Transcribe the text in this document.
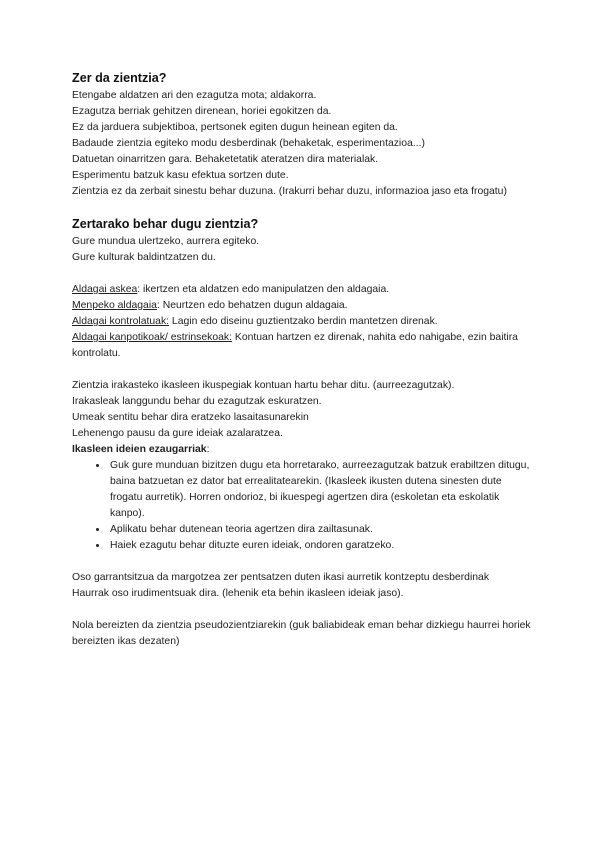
Zer da zientzia?

Etengabe aldatzen ari den ezagutza mota; aldakorra.

Ezagutza berriak gehitzen direnean, horiei egokitzen da.

Ez da jarduera subjektiboa, pertsonek egiten dugun heinean egiten da.

Badaude zientzia egiteko modu desberdinak (behaketak, esperimentazioa...)

Datuetan oinarritzen gara. Behaketetatik ateratzen dira materialak.

Esperimentu batzuk kasu efektua sortzen dute.

Zientzia ez da zerbait sinestu behar duzuna. (Irakurri behar duzu, informazioa jaso eta frogatu)

Zertarako behar dugu zientzia?

Gure mundua ulertzeko, aurrera egiteko.

Gure kulturak baldintzatzen du.

Aldagai askea: ikertzen eta aldatzen edo manipulatzen den aldagaia.

Menpeko aldagaia: Neurtzen edo behatzen dugun aldagaia.

Aldagai kontrolatuak: Lagin edo diseinu guztientzako berdin mantetzen direnak.

Aldagai kanpotikoak/ estrinsekoak: Kontuan hartzen ez direnak, nahita edo nahigabe, ezin baitira kontrolatu.

Zientzia irakasteko ikasleen ikuspegiak kontuan hartu behar ditu. (aurreezagutzak).

Irakasleak langgundu behar du ezagutzak eskuratzen.

Umeak sentitu behar dira eratzeko lasaitasunarekin

Lehenengo pausu da gure ideiak azalaratzea.

Ikasleen ideien ezaugarriak:

• Guk gure munduan bizitzen dugu eta horretarako, aurreezagutzak batzuk erabiltzen ditugu, baina batzuetan ez dator bat errealitatearekin. (Ikasleek ikusten dutena sinesten dute frogatu aurretik). Horren ondorioz, bi ikuespegi agertzen dira (eskoletan eta eskolatik kanpo).
• Aplikatu behar dutenean teoria agertzen dira zailtasunak.
• Haiek ezagutu behar dituzte euren ideiak, ondoren garatzeko.

Oso garrantsitzua da margotzea zer pentsatzen duten ikasi aurretik kontzeptu desberdinak

Haurrak oso irudimentsuak dira. (lehenik eta behin ikasleen ideiak jaso).

Nola bereizten da zientzia pseudozientziarekin (guk baliabideak eman behar dizkiegu haurrei horiek bereizten ikas dezaten)
